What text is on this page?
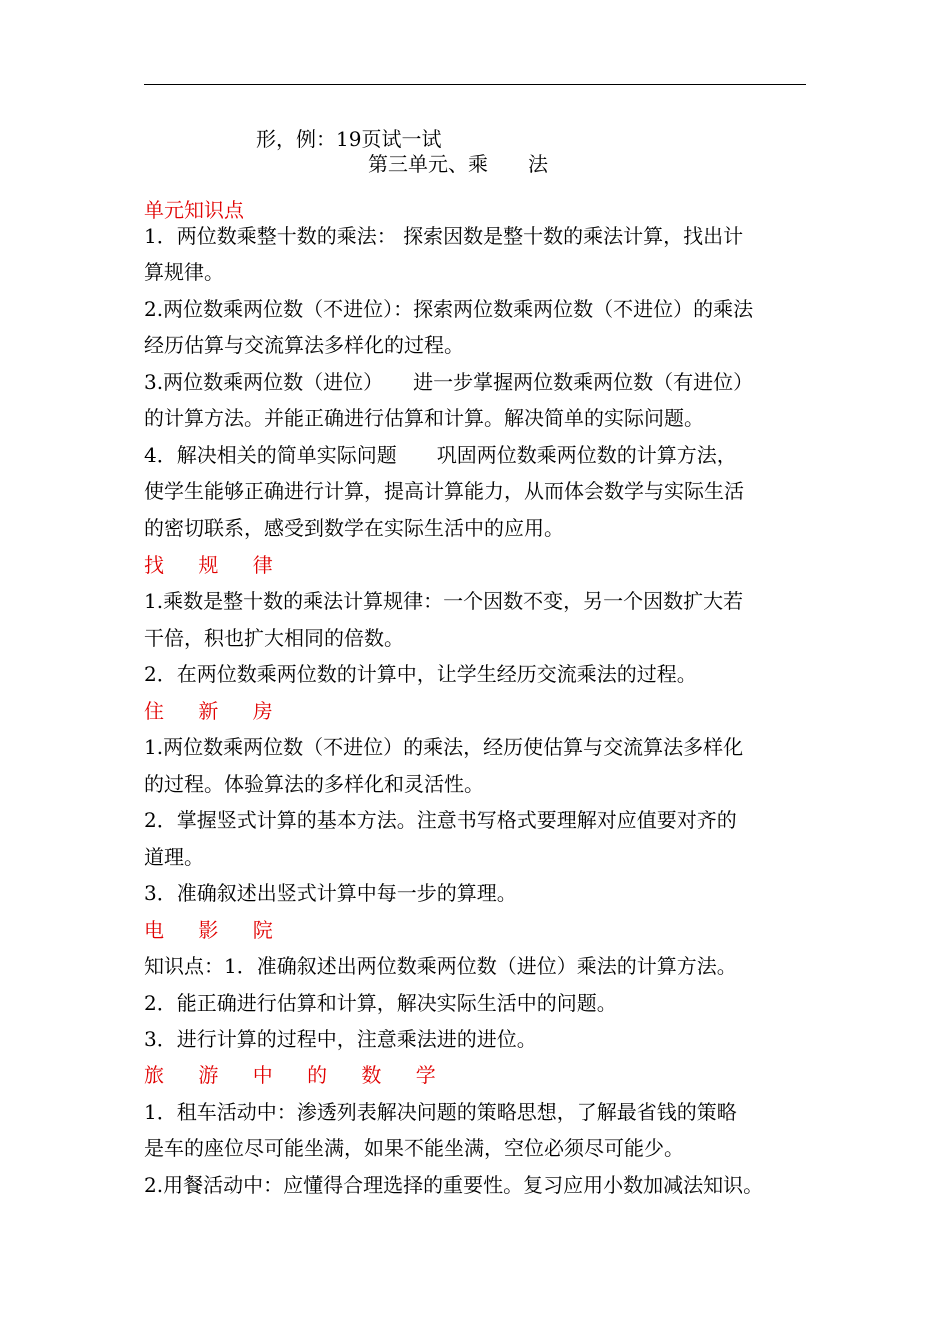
形，例：19页试一试
第三单元、乘　　法
单元知识点
1．两位数乘整十数的乘法： 探索因数是整十数的乘法计算，找出计
算规律。
2.两位数乘两位数（不进位）：探索两位数乘两位数（不进位）的乘法
经历估算与交流算法多样化的过程。
3.两位数乘两位数（进位）　　进一步掌握两位数乘两位数（有进位）
的计算方法。并能正确进行估算和计算。解决简单的实际问题。
4．解决相关的简单实际问题　　巩固两位数乘两位数的计算方法，
使学生能够正确进行计算，提高计算能力，从而体会数学与实际生活
的密切联系，感受到数学在实际生活中的应用。
找 规 律
1.乘数是整十数的乘法计算规律：一个因数不变，另一个因数扩大若
干倍，积也扩大相同的倍数。
2．在两位数乘两位数的计算中，让学生经历交流乘法的过程。
住 新 房
1.两位数乘两位数（不进位）的乘法，经历使估算与交流算法多样化
的过程。体验算法的多样化和灵活性。
2．掌握竖式计算的基本方法。注意书写格式要理解对应值要对齐的
道理。
3．准确叙述出竖式计算中每一步的算理。
电 影 院
知识点：1．准确叙述出两位数乘两位数（进位）乘法的计算方法。
2．能正确进行估算和计算，解决实际生活中的问题。
3．进行计算的过程中，注意乘法进的进位。
旅 游 中 的 数 学
1．租车活动中：渗透列表解决问题的策略思想，了解最省钱的策略
是车的座位尽可能坐满，如果不能坐满，空位必须尽可能少。
2.用餐活动中：应懂得合理选择的重要性。复习应用小数加减法知识。
